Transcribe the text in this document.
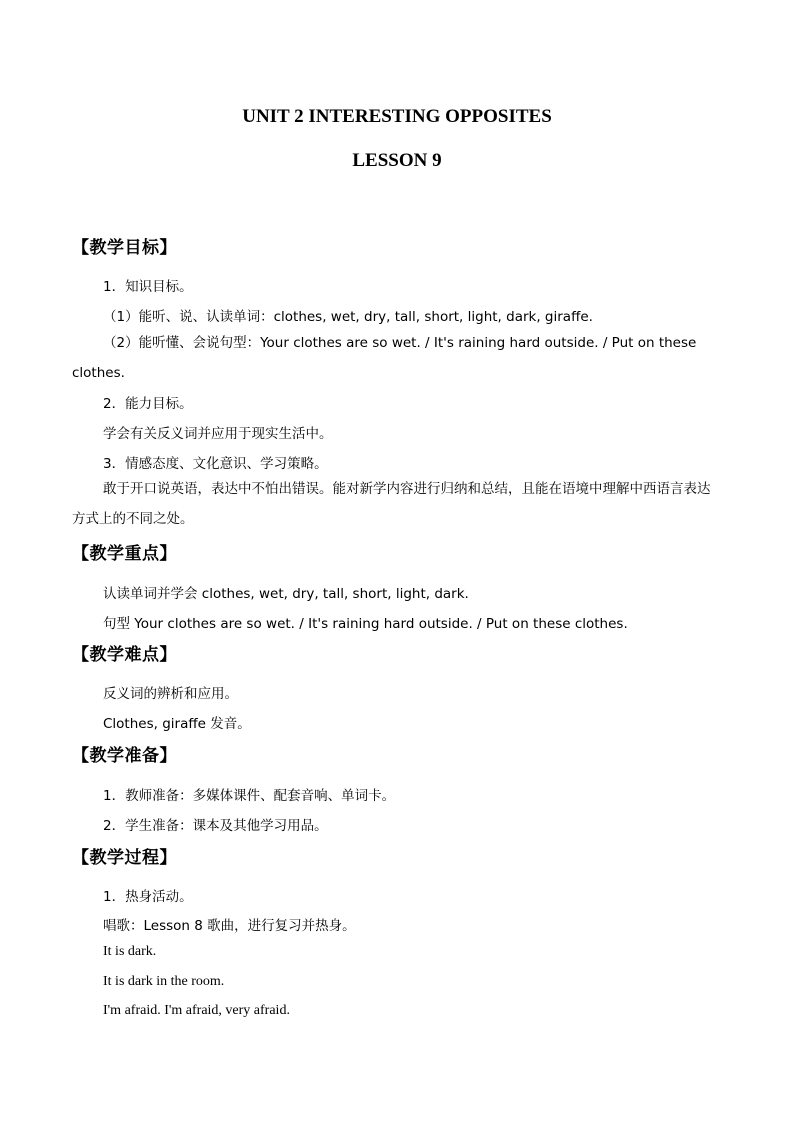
UNIT 2 INTERESTING OPPOSITES
LESSON 9
【教学目标】
1．知识目标。
（1）能听、说、认读单词：clothes, wet, dry, tall, short, light, dark, giraffe.
（2）能听懂、会说句型：Your clothes are so wet. / It's raining hard outside. / Put on these clothes.
2．能力目标。
学会有关反义词并应用于现实生活中。
3．情感态度、文化意识、学习策略。
敢于开口说英语，表达中不怕出错误。能对新学内容进行归纳和总结，且能在语境中理解中西语言表达方式上的不同之处。
【教学重点】
认读单词并学会 clothes, wet, dry, tall, short, light, dark.
句型 Your clothes are so wet. / It's raining hard outside. / Put on these clothes.
【教学难点】
反义词的辨析和应用。
Clothes, giraffe 发音。
【教学准备】
1．教师准备：多媒体课件、配套音响、单词卡。
2．学生准备：课本及其他学习用品。
【教学过程】
1．热身活动。
唱歌：Lesson 8 歌曲，进行复习并热身。
It is dark.
It is dark in the room.
I'm afraid. I'm afraid, very afraid.
